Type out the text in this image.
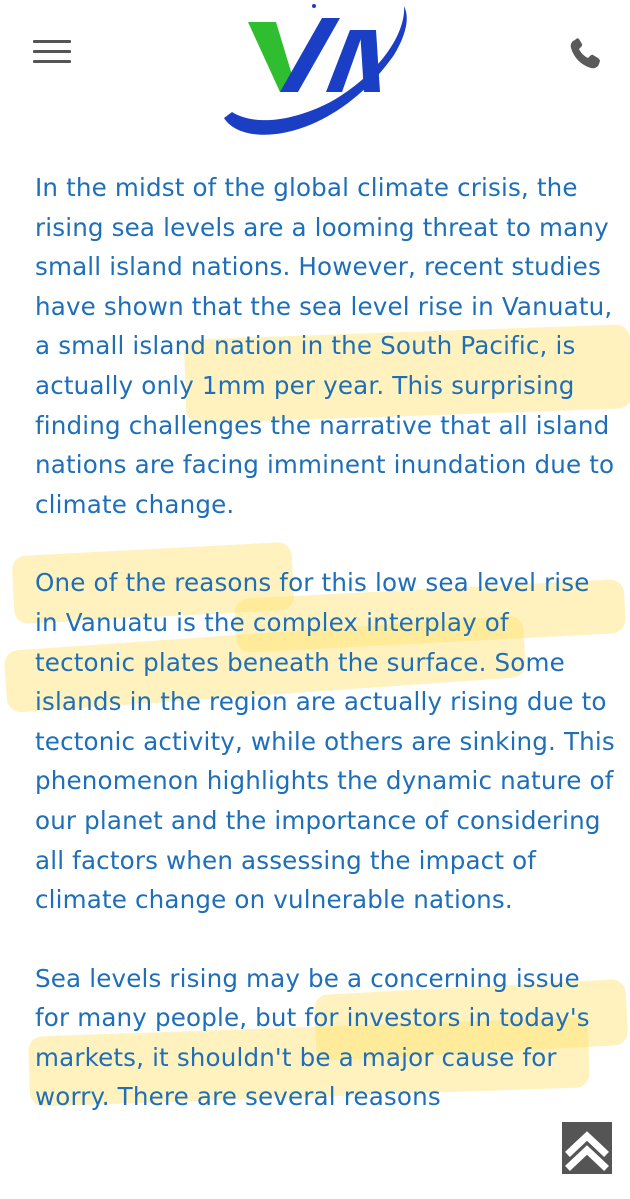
In the midst of the global climate crisis, the rising sea levels are a looming threat to many small island nations. However, recent studies have shown that the sea level rise in Vanuatu, a small island nation in the South Pacific, is actually only 1mm per year. This surprising finding challenges the narrative that all island nations are facing imminent inundation due to climate change.
One of the reasons for this low sea level rise in Vanuatu is the complex interplay of tectonic plates beneath the surface. Some islands in the region are actually rising due to tectonic activity, while others are sinking. This phenomenon highlights the dynamic nature of our planet and the importance of considering all factors when assessing the impact of climate change on vulnerable nations.
Sea levels rising may be a concerning issue for many people, but for investors in today's markets, it shouldn't be a major cause for worry. There are several reasons
